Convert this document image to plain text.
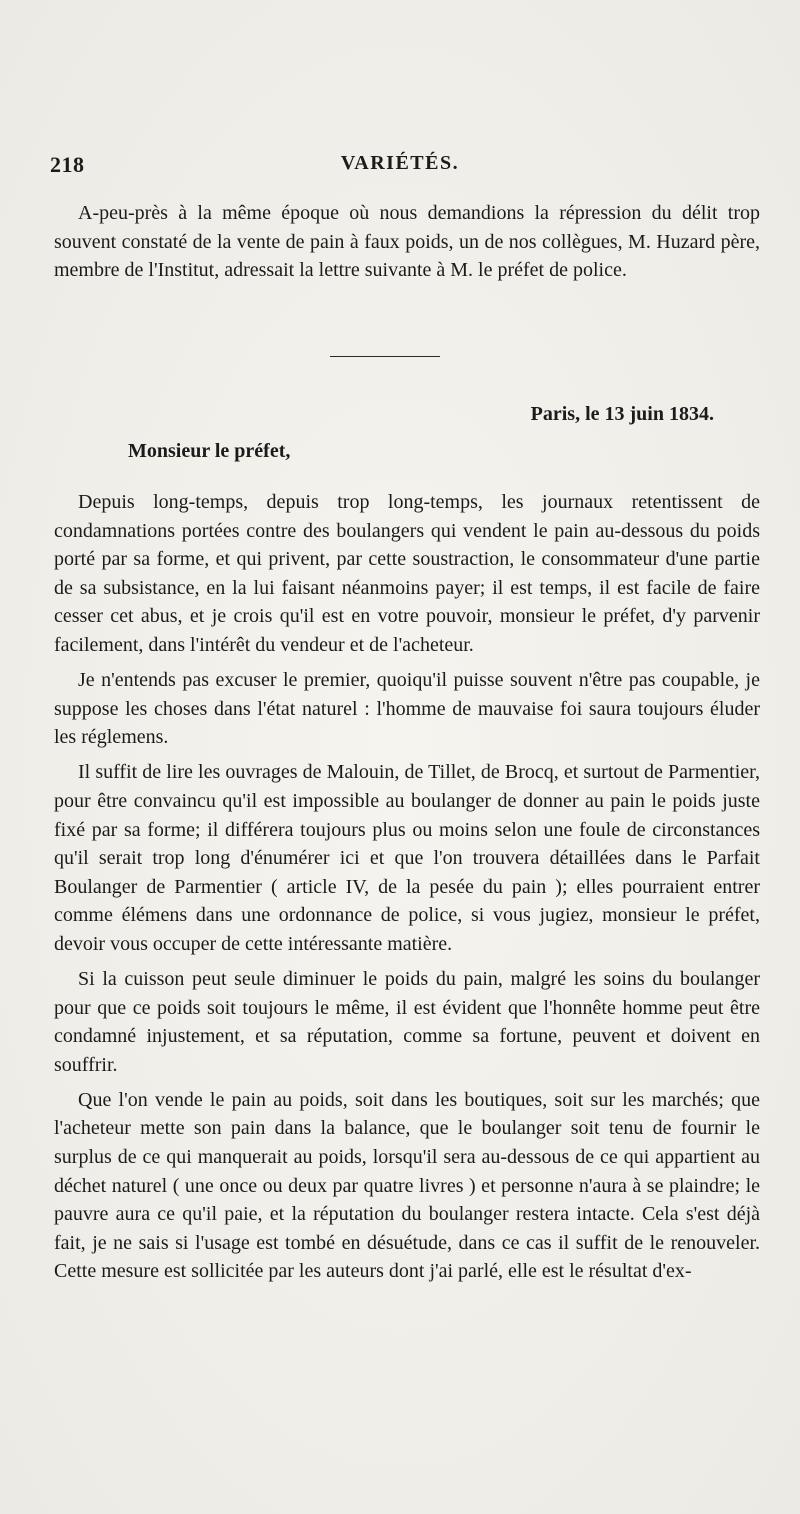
218	VARIÉTÉS.

A-peu-près à la même époque où nous demandions la répression du délit trop souvent constaté de la vente de pain à faux poids, un de nos collègues, M. Huzard père, membre de l'Institut, adressait la lettre suivante à M. le préfet de police.

Paris, le 13 juin 1834.
Monsieur le préfet,

Depuis long-temps, depuis trop long-temps, les journaux retentissent de condamnations portées contre des boulangers qui vendent le pain au-dessous du poids porté par sa forme, et qui privent, par cette soustraction, le consommateur d'une partie de sa subsistance, en la lui faisant néanmoins payer; il est temps, il est facile de faire cesser cet abus, et je crois qu'il est en votre pouvoir, monsieur le préfet, d'y parvenir facilement, dans l'intérêt du vendeur et de l'acheteur.

Je n'entends pas excuser le premier, quoiqu'il puisse souvent n'être pas coupable, je suppose les choses dans l'état naturel : l'homme de mauvaise foi saura toujours éluder les réglemens.

Il suffit de lire les ouvrages de Malouin, de Tillet, de Brocq, et surtout de Parmentier, pour être convaincu qu'il est impossible au boulanger de donner au pain le poids juste fixé par sa forme; il différera toujours plus ou moins selon une foule de circonstances qu'il serait trop long d'énumérer ici et que l'on trouvera détaillées dans le Parfait Boulanger de Parmentier ( article IV, de la pesée du pain ); elles pourraient entrer comme élémens dans une ordonnance de police, si vous jugiez, monsieur le préfet, devoir vous occuper de cette intéressante matière.

Si la cuisson peut seule diminuer le poids du pain, malgré les soins du boulanger pour que ce poids soit toujours le même, il est évident que l'honnête homme peut être condamné injustement, et sa réputation, comme sa fortune, peuvent et doivent en souffrir.

Que l'on vende le pain au poids, soit dans les boutiques, soit sur les marchés; que l'acheteur mette son pain dans la balance, que le boulanger soit tenu de fournir le surplus de ce qui manquerait au poids, lorsqu'il sera au-dessous de ce qui appartient au déchet naturel ( une once ou deux par quatre livres ) et personne n'aura à se plaindre; le pauvre aura ce qu'il paie, et la réputation du boulanger restera intacte. Cela s'est déjà fait, je ne sais si l'usage est tombé en désuétude, dans ce cas il suffit de le renouveler. Cette mesure est sollicitée par les auteurs dont j'ai parlé, elle est le résultat d'ex-
